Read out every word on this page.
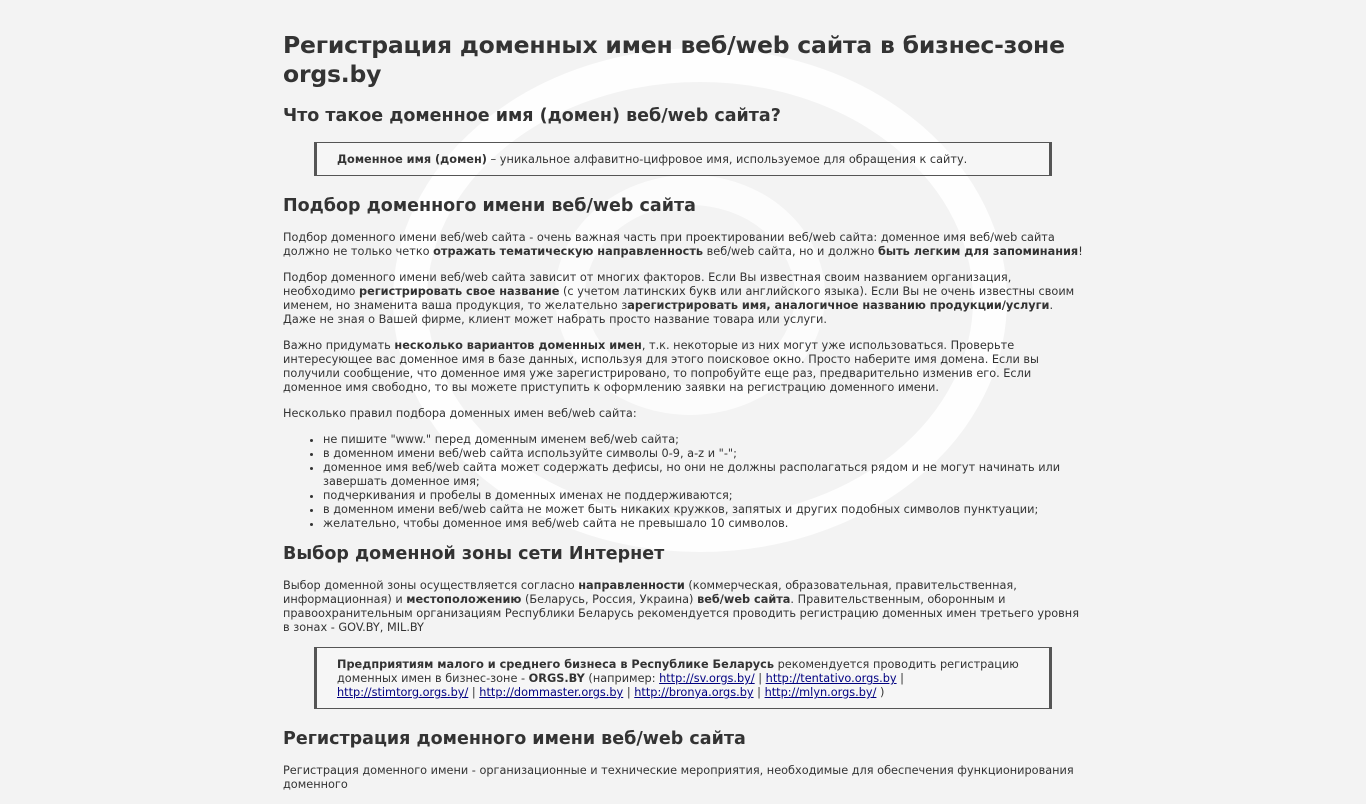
Регистрация доменных имен веб/web сайта в бизнес-зоне orgs.by
Что такое доменное имя (домен) веб/web сайта?
Доменное имя (домен) – уникальное алфавитно-цифровое имя, используемое для обращения к сайту.
Подбор доменного имени веб/web сайта

Подбор доменного имени веб/web сайта - очень важная часть при проектировании веб/web сайта: доменное имя веб/web сайта должно не только четко отражать тематическую направленность веб/web сайта, но и должно быть легким для запоминания!

Подбор доменного имени веб/web сайта зависит от многих факторов. Если Вы известная своим названием организация, необходимо регистрировать свое название (с учетом латинских букв или английского языка). Если Вы не очень известны своим именем, но знаменита ваша продукция, то желательно зарегистрировать имя, аналогичное названию продукции/услуги. Даже не зная о Вашей фирме, клиент может набрать просто название товара или услуги.

Важно придумать несколько вариантов доменных имен, т.к. некоторые из них могут уже использоваться. Проверьте интересующее вас доменное имя в базе данных, используя для этого поисковое окно. Просто наберите имя домена. Если вы получили сообщение, что доменное имя уже зарегистрировано, то попробуйте еще раз, предварительно изменив его. Если доменное имя свободно, то вы можете приступить к оформлению заявки на регистрацию доменного имени.

Несколько правил подбора доменных имен веб/web сайта:

• не пишите "www." перед доменным именем веб/web сайта;
• в доменном имени веб/web сайта используйте символы 0-9, a-z и "-";
• доменное имя веб/web сайта может содержать дефисы, но они не должны располагаться рядом и не могут начинать или завершать доменное имя;
• подчеркивания и пробелы в доменных именах не поддерживаются;
• в доменном имени веб/web сайта не может быть никаких кружков, запятых и других подобных символов пунктуации;
• желательно, чтобы доменное имя веб/web сайта не превышало 10 символов.
Выбор доменной зоны сети Интернет

Выбор доменной зоны осуществляется согласно направленности (коммерческая, образовательная, правительственная, информационная) и местоположению (Беларусь, Россия, Украина) веб/web сайта. Правительственным, оборонным и правоохранительным организациям Республики Беларусь рекомендуется проводить регистрацию доменных имен третьего уровня в зонах - GOV.BY, MIL.BY

Предприятиям малого и среднего бизнеса в Республике Беларусь рекомендуется проводить регистрацию доменных имен в бизнес-зоне - ORGS.BY (например: http://sv.orgs.by/ | http://tentativo.orgs.by | http://stimtorg.orgs.by/ | http://dommaster.orgs.by | http://bronya.orgs.by | http://mlyn.orgs.by/ )
Регистрация доменного имени веб/web сайта

Регистрация доменного имени - организационные и технические мероприятия, необходимые для обеспечения функционирования доменного
